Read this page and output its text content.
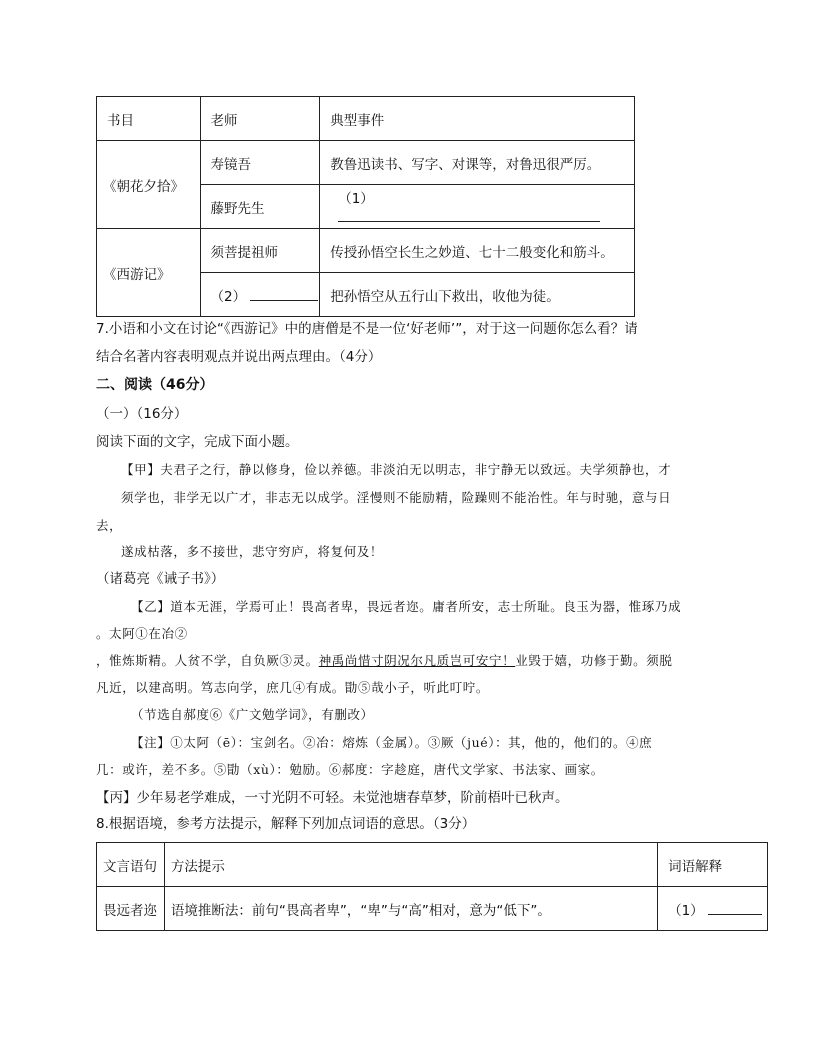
书目	老师	典型事件
《朝花夕拾》	寿镜吾	教鲁迅读书、写字、对课等，对鲁迅很严厉。
	藤野先生	（1）
《西游记》	须菩提祖师	传授孙悟空长生之妙道、七十二般变化和筋斗。
	（2）	把孙悟空从五行山下救出，收他为徒。
7.小语和小文在讨论“《西游记》中的唐僧是不是一位‘好老师’”，对于这一问题你怎么看？请
结合名著内容表明观点并说出两点理由。（4分）
二、阅读（46分）
（一）（16分）
阅读下面的文字，完成下面小题。
【甲】夫君子之行，静以修身，俭以养德。非淡泊无以明志，非宁静无以致远。夫学须静也，才
须学也，非学无以广才，非志无以成学。淫慢则不能励精，险躁则不能治性。年与时驰，意与日
去，
遂成枯落，多不接世，悲守穷庐，将复何及！
（诸葛亮《诫子书》）
【乙】道本无涯，学焉可止！畏高者卑，畏远者迩。庸者所安，志士所耻。良玉为器，惟琢乃成
。太阿①在冶②
，惟炼斯精。人贫不学，自负厥③灵。神禹尚惜寸阴况尔凡质岂可安宁！业毁于嬉，功修于勤。须脱
凡近，以建高明。笃志向学，庶几④有成。勖⑤哉小子，听此叮咛。
（节选自郝度⑥《广文勉学词》，有删改）
【注】①太阿（ē）：宝剑名。②冶：熔炼（金属）。③厥（jué）：其，他的，他们的。④庶
几：或许，差不多。⑤勖（xù）：勉励。⑥郝度：字趁庭，唐代文学家、书法家、画家。
【丙】少年易老学难成，一寸光阴不可轻。未觉池塘春草梦，阶前梧叶已秋声。
8.根据语境，参考方法提示，解释下列加点词语的意思。（3分）
文言语句	方法提示	词语解释
畏远者迩	语境推断法：前句“畏高者卑”，“卑”与“高”相对，意为“低下”。	（1）
